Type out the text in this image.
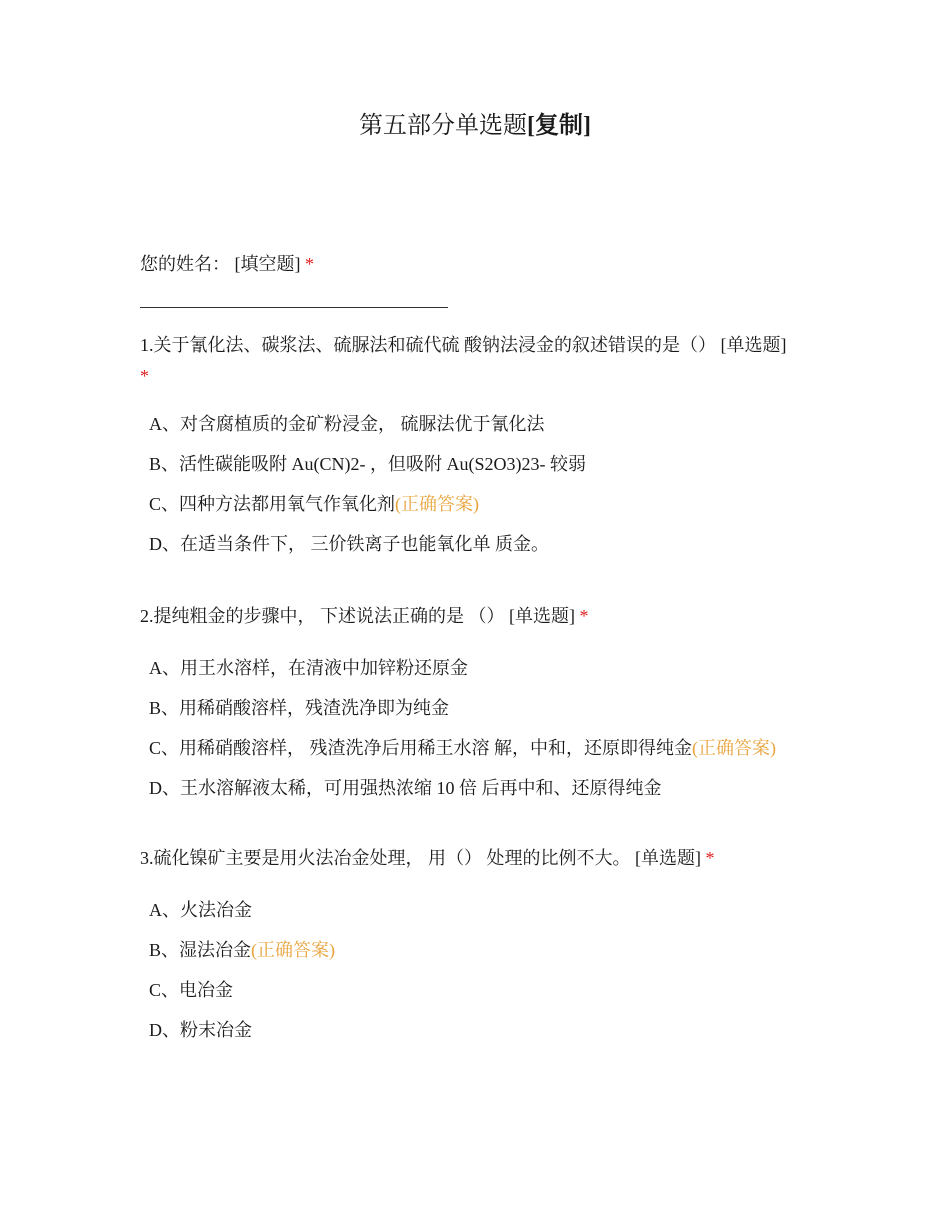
第五部分单选题[复制]
您的姓名： [填空题] *
1.关于氰化法、碳浆法、硫脲法和硫代硫 酸钠法浸金的叙述错误的是（） [单选题]
*
A、对含腐植质的金矿粉浸金， 硫脲法优于氰化法
B、活性碳能吸附 Au(CN)2- ，但吸附 Au(S2O3)23- 较弱
C、四种方法都用氧气作氧化剂(正确答案)
D、在适当条件下， 三价铁离子也能氧化单 质金。
2.提纯粗金的步骤中， 下述说法正确的是 （） [单选题] *
A、用王水溶样，在清液中加锌粉还原金
B、用稀硝酸溶样，残渣洗净即为纯金
C、用稀硝酸溶样， 残渣洗净后用稀王水溶 解，中和，还原即得纯金(正确答案)
D、王水溶解液太稀，可用强热浓缩 10 倍 后再中和、还原得纯金
3.硫化镍矿主要是用火法冶金处理， 用（） 处理的比例不大。 [单选题] *
A、火法冶金
B、湿法冶金(正确答案)
C、电冶金
D、粉末冶金
